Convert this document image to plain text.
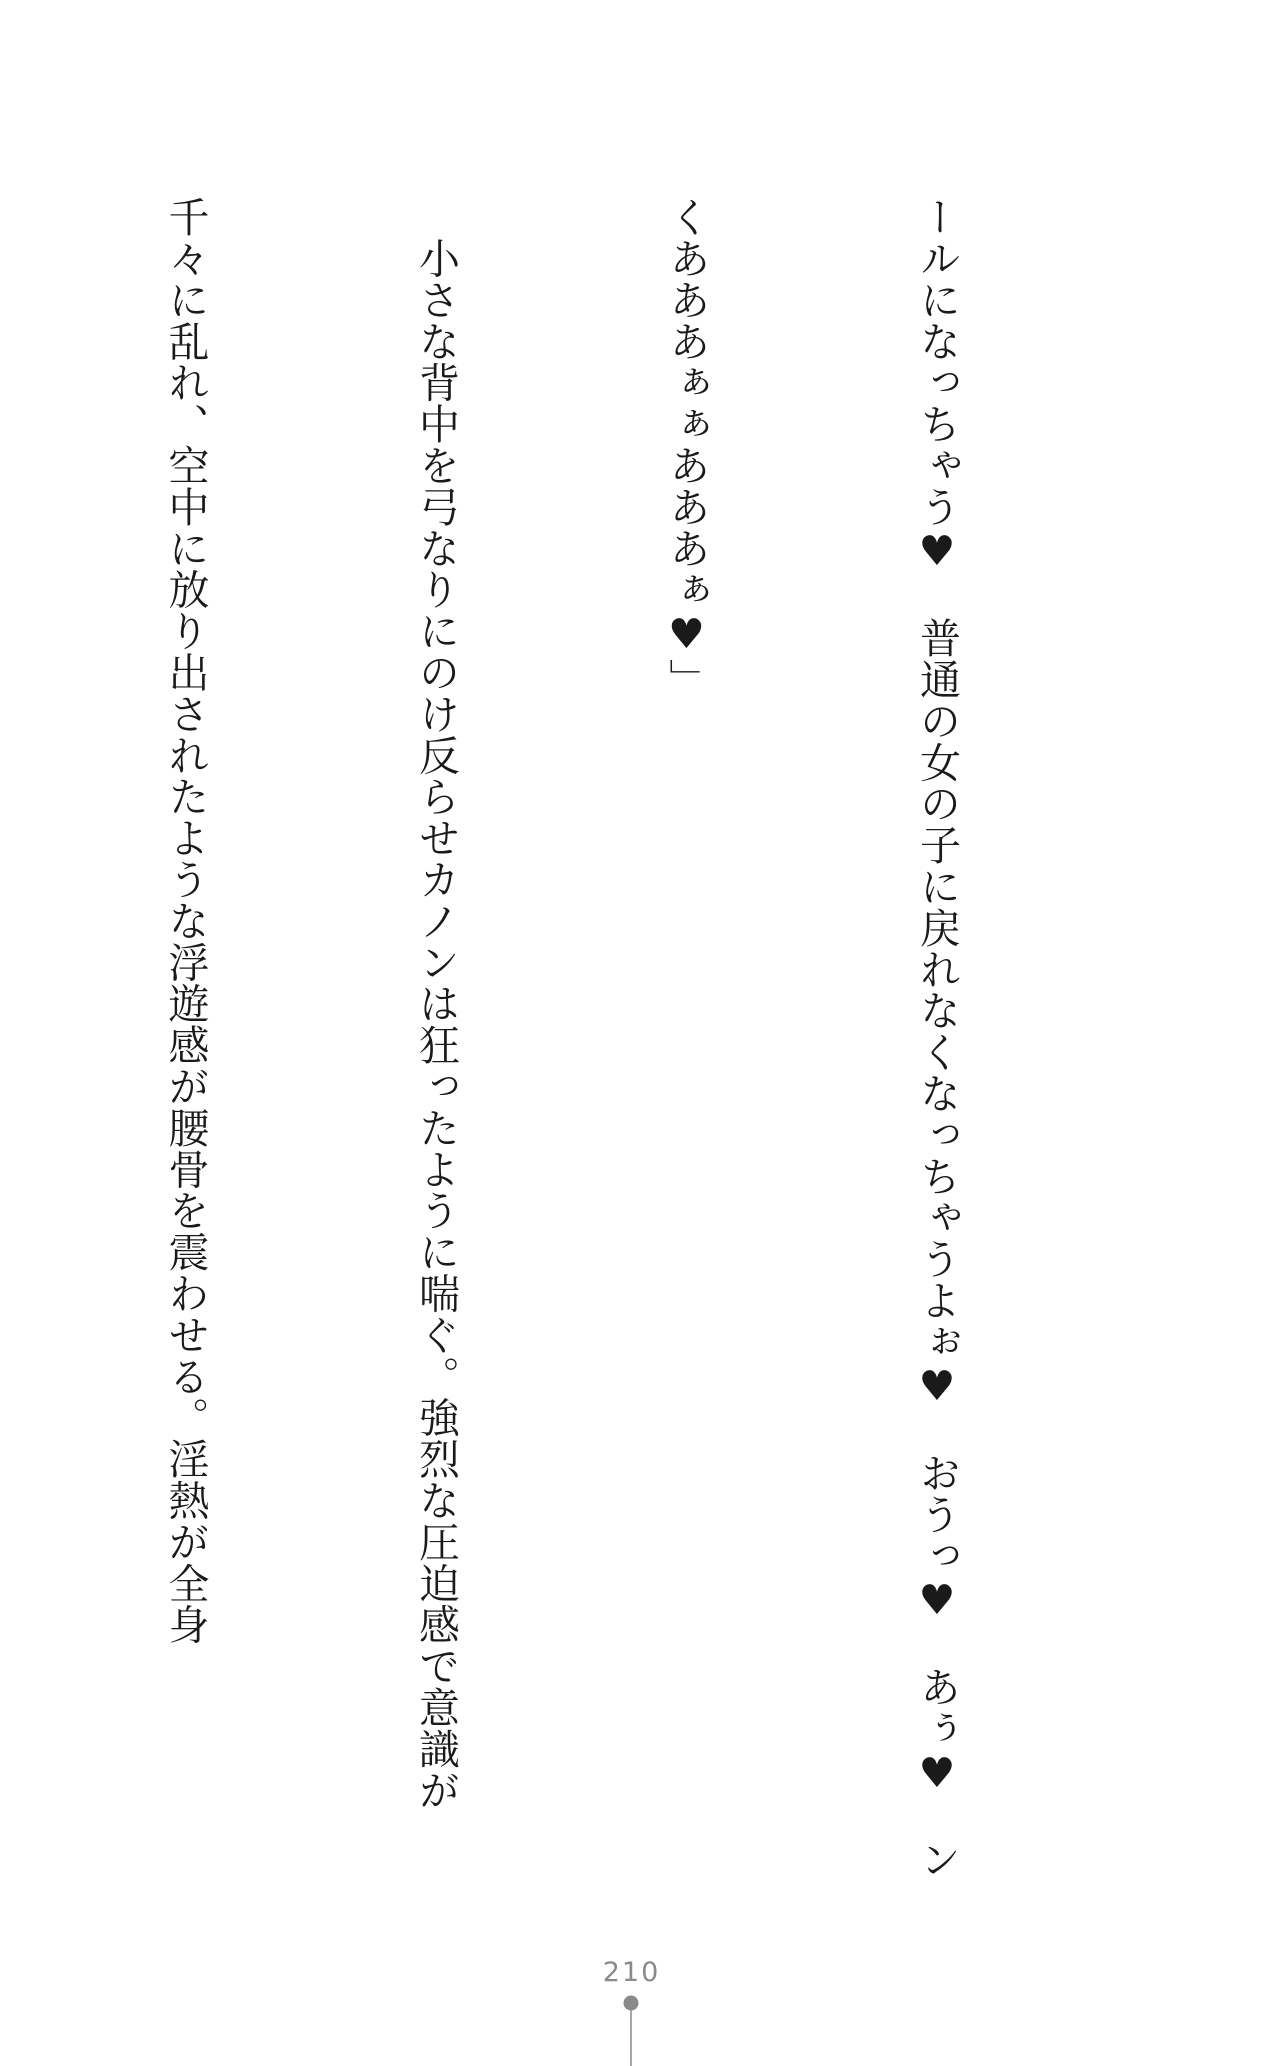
ールになっちゃう♥　普通の女の子に戻れなくなっちゃうよぉ♥　おうっ♥　あぅ♥　ン

くあああぁぁあああぁ♥」

　小さな背中を弓なりにのけ反らせカノンは狂ったように喘ぐ。強烈な圧迫感で意識が

千々に乱れ、空中に放り出されたような浮遊感が腰骨を震わせる。淫熱が全身

210
